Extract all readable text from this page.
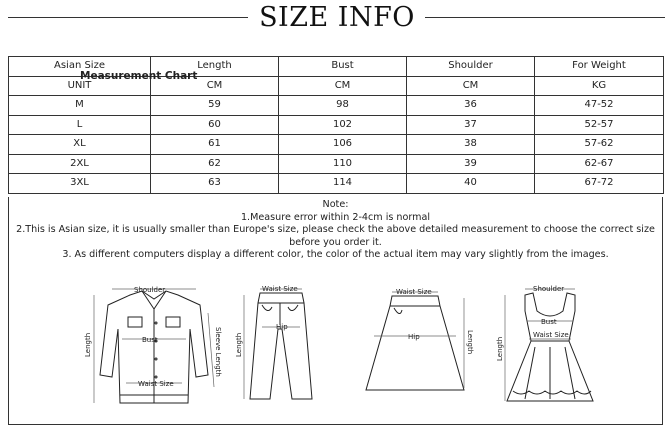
SIZE INFO
Asian Size	Length	Bust	Shoulder	For Weight
UNIT	CM	CM	CM	KG
M	59	98	36	47-52
L	60	102	37	52-57
XL	61	106	38	57-62
2XL	62	110	39	62-67
3XL	63	114	40	67-72
Note:
1.Measure error within 2-4cm is normal
2.This is Asian size, it is usually smaller than Europe's size, please check the above detailed measurement to choose the correct size before you order it.
3. As different computers display a different color, the color of the actual item may vary slightly from the images.
Measurement Chart
Shoulder
Bust
Waist Size
Length	Sleeve Length
Waist Size
Hip
Length
Waist Size
Hip	Length
Shoulder
Bust
Waist Size
Length
